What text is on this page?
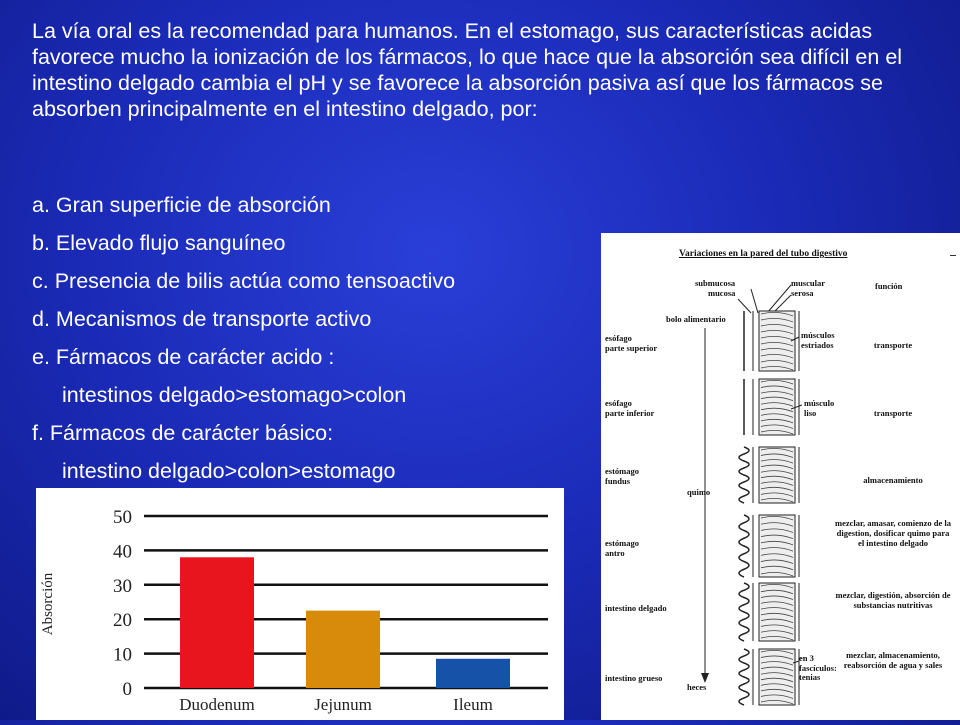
La vía oral es la recomendad para humanos. En el estomago, sus características acidas favorece mucho la ionización de los fármacos, lo que hace que la absorción sea difícil en el intestino delgado cambia el pH y se favorece la absorción pasiva así que los fármacos se absorben principalmente en el intestino delgado, por:

a. Gran superficie de absorción
b. Elevado flujo sanguíneo
c. Presencia de bilis actúa como tensoactivo
d. Mecanismos de transporte activo
e. Fármacos de carácter acido :
intestinos delgado>estomago>colon
f. Fármacos de carácter básico:
intestino delgado>colon>estomago
0
10
20
30
40
50
Absorción
Duodenum	Jejunum	Ileum
Variaciones en la pared del tubo digestivo
submucosa
mucosa
muscular
serosa
función
bolo alimentario
esófago
parte superior
músculos
estriados
esófago
parte inferior
músculo
liso
estómago
fundus
quimo
estómago
antro
intestino delgado
en 3
fascículos:
tenias
intestino grueso
heces
transporte
transporte
almacenamiento
mezclar, amasar, comienzo de la digestion, dosificar quimo para el intestino delgado
mezclar, digestión, absorción de substancias nutritivas
mezclar, almacenamiento, reabsorción de agua y sales
